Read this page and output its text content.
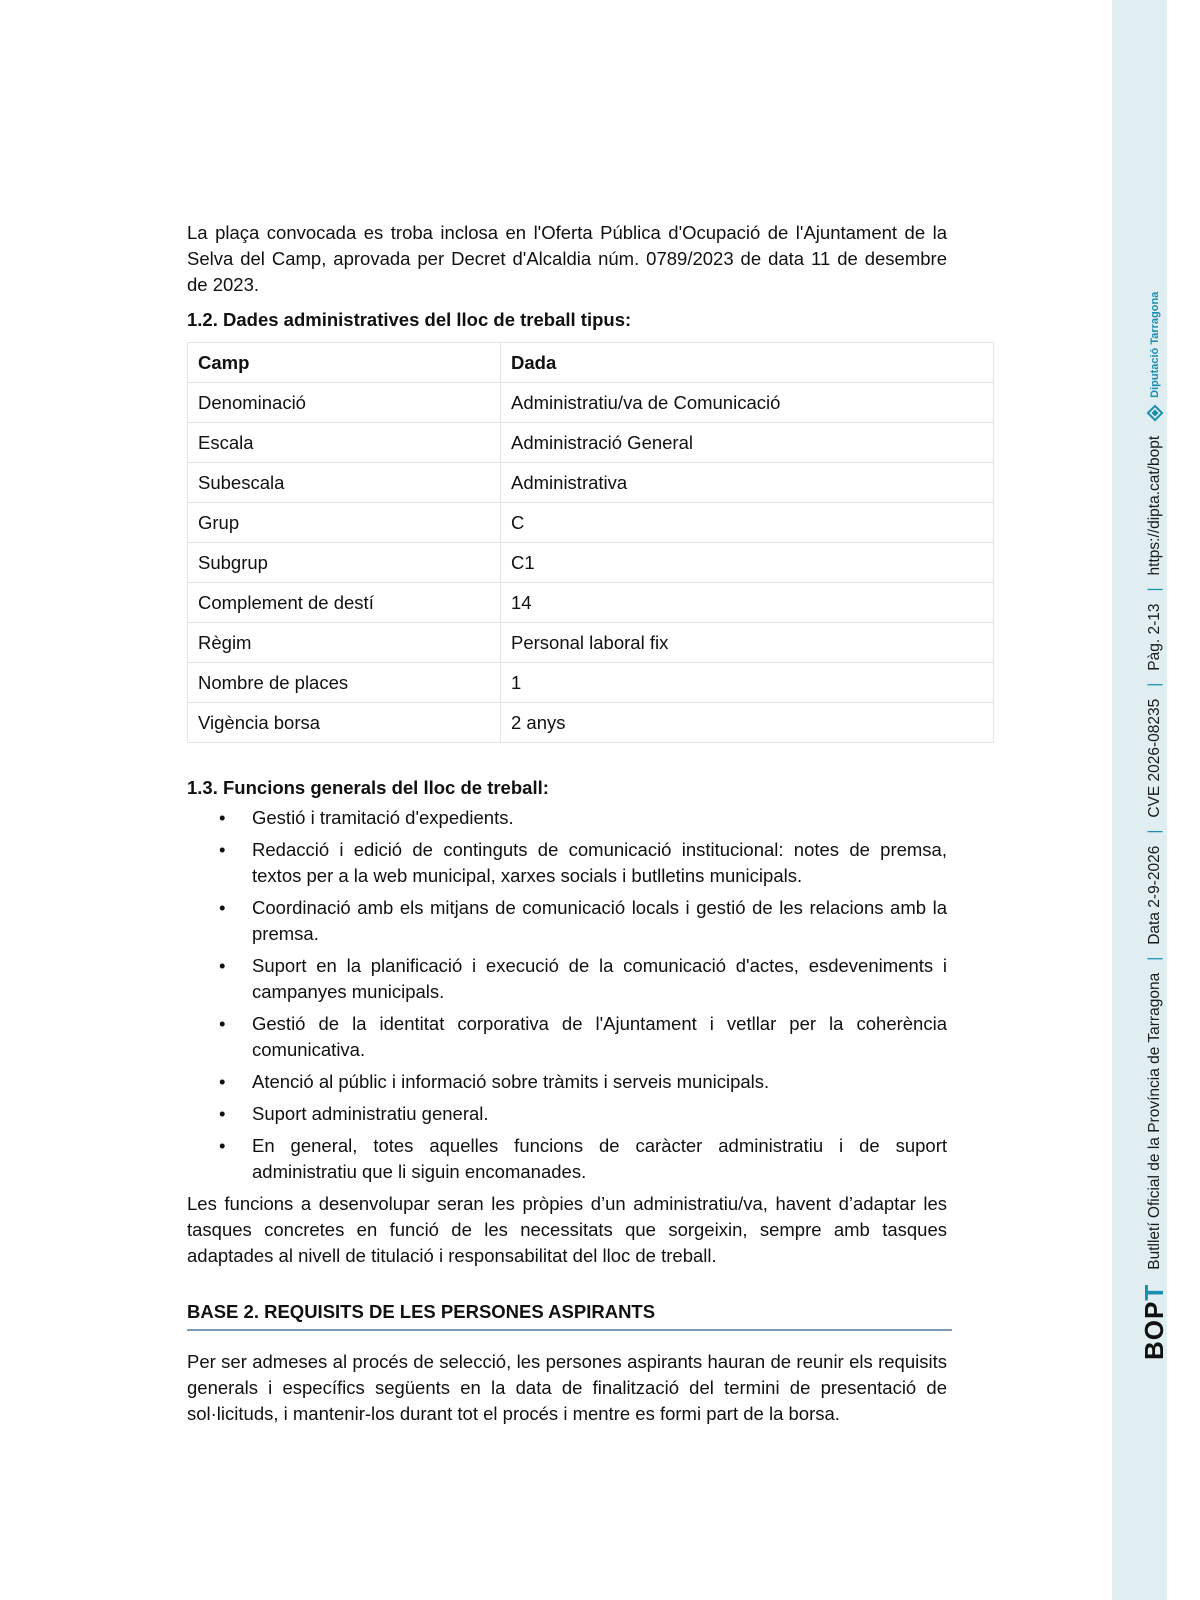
La plaça convocada es troba inclosa en l'Oferta Pública d'Ocupació de l'Ajuntament de la Selva del Camp, aprovada per Decret d'Alcaldia núm. 0789/2023 de data 11 de desembre de 2023.

1.2. Dades administratives del lloc de treball tipus:
Camp	Dada
Denominació	Administratiu/va de Comunicació
Escala	Administració General
Subescala	Administrativa
Grup	C
Subgrup	C1
Complement de destí	14
Règim	Personal laboral fix
Nombre de places	1
Vigència borsa	2 anys
1.3. Funcions generals del lloc de treball:
• Gestió i tramitació d'expedients.
• Redacció i edició de continguts de comunicació institucional: notes de premsa, textos per a la web municipal, xarxes socials i butlletins municipals.
• Coordinació amb els mitjans de comunicació locals i gestió de les relacions amb la premsa.
• Suport en la planificació i execució de la comunicació d'actes, esdeveniments i campanyes municipals.
• Gestió de la identitat corporativa de l'Ajuntament i vetllar per la coherència comunicativa.
• Atenció al públic i informació sobre tràmits i serveis municipals.
• Suport administratiu general.
• En general, totes aquelles funcions de caràcter administratiu i de suport administratiu que li siguin encomanades.

Les funcions a desenvolupar seran les pròpies d’un administratiu/va, havent d’adaptar les tasques concretes en funció de les necessitats que sorgeixin, sempre amb tasques adaptades al nivell de titulació i responsabilitat del lloc de treball.

BASE 2. REQUISITS DE LES PERSONES ASPIRANTS

Per ser admeses al procés de selecció, les persones aspirants hauran de reunir els requisits generals i específics següents en la data de finalització del termini de presentació de sol·licituds, i mantenir-los durant tot el procés i mentre es formi part de la borsa.

BOPT
Butlletí Oficial de la Província de Tarragona
|
Data 2-9-2026
|
CVE 2026-08235
|
Pàg. 2-13
|
https://dipta.cat/bopt
Diputació Tarragona
